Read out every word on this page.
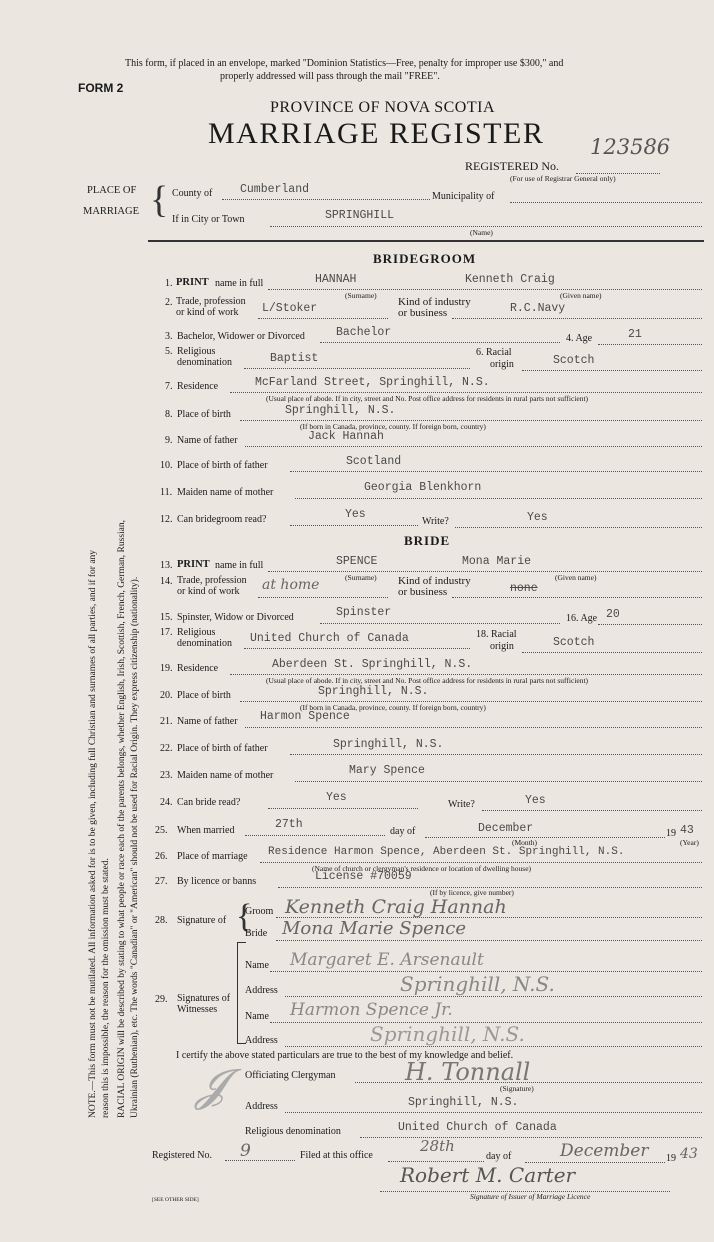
This form, if placed in an envelope, marked "Dominion Statistics—Free, penalty for improper use $300," and
properly addressed will pass through the mail "FREE".
FORM 2
PROVINCE OF NOVA SCOTIA
MARRIAGE REGISTER 123586
REGISTERED No.
(For use of Registrar General only)
PLACE OF
MARRIAGE { County of Cumberland
Municipality of
If in City or Town	SPRINGHILL
(Name)
BRIDEGROOM
1. PRINT name in full	HANNAH	Kenneth Craig
(Surname)	(Given name)
2. Trade, profession
or kind of work L/Stoker	Kind of industry
or business	R.C.Navy
3. Bachelor, Widower or Divorced	Bachelor	4. Age	21
5. Religious
denomination	Baptist	6. Racial
origin	Scotch
7. Residence	McFarland Street, Springhill, N.S.
(Usual place of abode. If in city, street and No. Post office address for residents in rural parts not sufficient)
8. Place of birth	Springhill, N.S.
(If born in Canada, province, county. If foreign born, country)
9. Name of father	Jack Hannah
10. Place of birth of father	Scotland
11. Maiden name of mother	Georgia Blenkhorn
12. Can bridegroom read?	Yes
Write?	Yes
BRIDE
13. PRINT name in full	SPENCE	Mona Marie
(Surname)	(Given name)
14. Trade, profession
or kind of work at home	Kind of industry
or business	none
15. Spinster, Widow or Divorced	Spinster	16. Age 20
17. Religious
denomination United Church of Canada	18. Racial
origin	Scotch
19. Residence	Aberdeen St. Springhill, N.S.
(Usual place of abode. If in city, street and No. Post office address for residents in rural parts not sufficient)
20. Place of birth	Springhill, N.S.
(If born in Canada, province, county. If foreign born, country)
21. Name of father Harmon Spence
22. Place of birth of father	Springhill, N.S.
23. Maiden name of mother	Mary Spence
24. Can bride read?	Yes
Write?	Yes
25. When married	27th
day of	December	19 43
(Month)	(Year)
26. Place of marriage Residence Harmon Spence, Aberdeen St. Springhill, N.S.
(Name of church or clergyman's residence or location of dwelling house)
27. By licence or banns	License #70059
(If by licence, give number)
28. Signature of {
Groom Kenneth Craig Hannah
Bride Mona Marie Spence
29. Signatures of
Witnesses
Name Margaret E. Arsenault
Address	Springhill, N.S.
Name Harmon Spence Jr.
Address	Springhill, N.S.
I certify the above stated particulars are true to the best of my knowledge and belief.
𝓙 Officiating Clergyman	H. Tonnall
(Signature)
Address	Springhill, N.S.
Religious denomination	United Church of Canada
Registered No. 9	Filed at this office
28th
day of	December 19 43
Robert M. Carter
Signature of Issuer of Marriage Licence
[SEE OTHER SIDE]
NOTE.—This form must not be mutilated. All information asked for is to be given, including full Christian and surnames of all parties, and if for any reason this is impossible, the reason for the omission must be stated. RACIAL ORIGIN will be described by stating to what people or race each of the parents belongs, whether English, Irish, Scottish, French, German, Russian, Ukrainian (Ruthenian), etc. The words "Canadian" or "American" should not be used for Racial Origin. They express citizenship (nationality).
